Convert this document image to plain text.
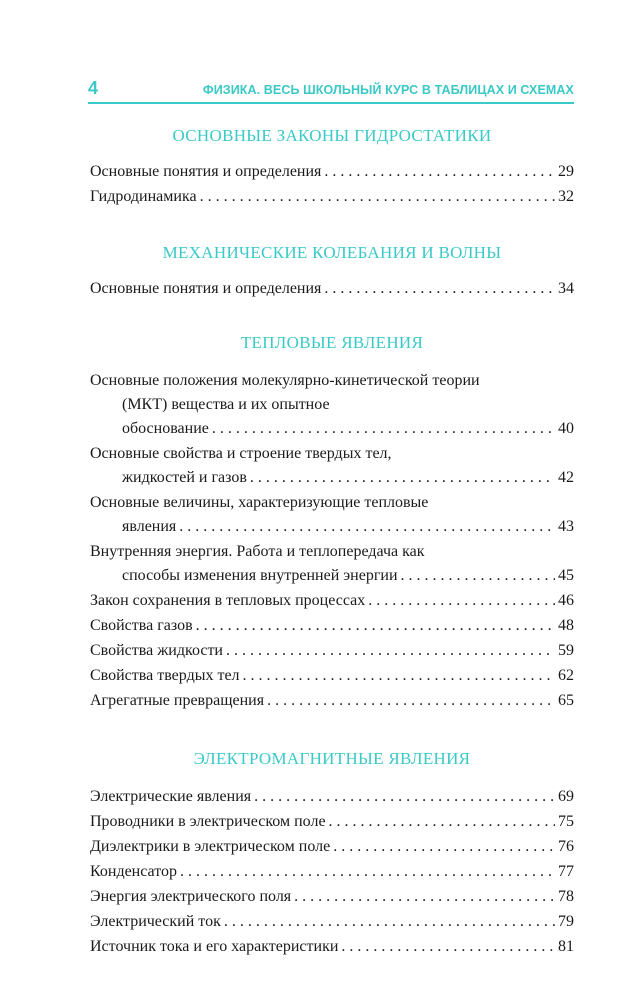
4	ФИЗИКА. ВЕСЬ ШКОЛЬНЫЙ КУРС В ТАБЛИЦАХ И СХЕМАХ
ОСНОВНЫЕ ЗАКОНЫ ГИДРОСТАТИКИ
Основные понятия и определения . . .	29
Гидродинамика . . .	32
МЕХАНИЧЕСКИЕ КОЛЕБАНИЯ И ВОЛНЫ
Основные понятия и определения . . .	34
ТЕПЛОВЫЕ ЯВЛЕНИЯ
Основные положения молекулярно-кинетической теории
(МКТ) вещества и их опытное
обоснование . . .	40
Основные свойства и строение твердых тел,
жидкостей и газов . . .	42
Основные величины, характеризующие тепловые
явления . . .	43
Внутренняя энергия. Работа и теплопередача как
способы изменения внутренней энергии . . .	45
Закон сохранения в тепловых процессах . . .	46
Свойства газов . . .	48
Свойства жидкости . . .	59
Свойства твердых тел . . .	62
Агрегатные превращения . . .	65
ЭЛЕКТРОМАГНИТНЫЕ ЯВЛЕНИЯ
Электрические явления . . .	69
Проводники в электрическом поле . . .	75
Диэлектрики в электрическом поле . . .	76
Конденсатор . . .	77
Энергия электрического поля . . .	78
Электрический ток . . .	79
Источник тока и его характеристики . . .	81
